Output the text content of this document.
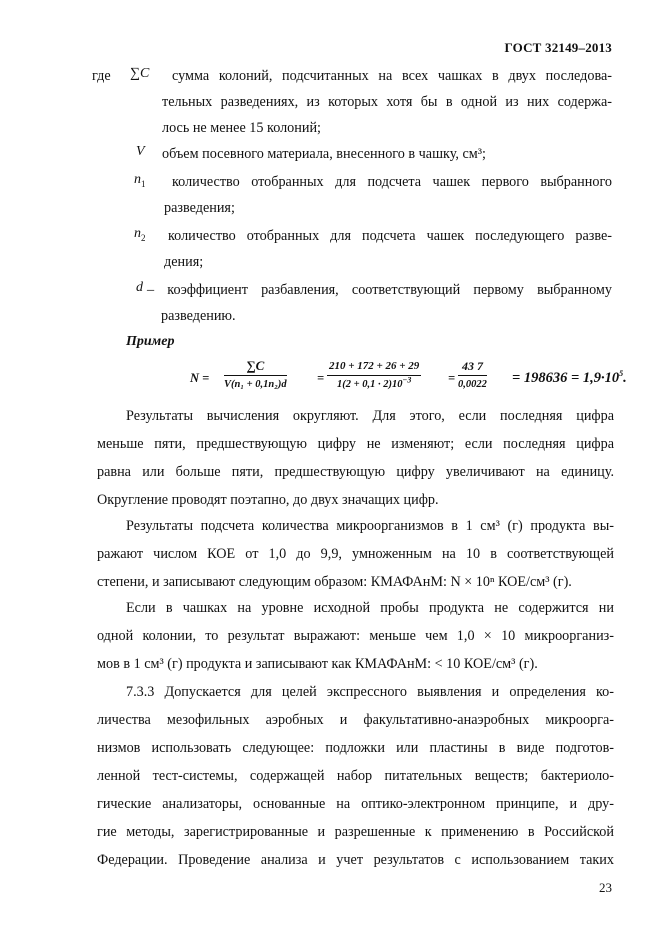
ГОСТ 32149–2013
где ∑C сумма колоний, подсчитанных на всех чашках в двух последова-
тельных разведениях, из которых хотя бы в одной из них содержа-
лось не менее 15 колоний;
V объем посевного материала, внесенного в чашку, см³;
$n_1$ количество отобранных для подсчета чашек первого выбранного
разведения;
$n_2$ количество отобранных для подсчета чашек последующего разве-
дения;
d – коэффициент разбавления, соответствующий первому выбранному
разведению.
Пример
N =
∑C
$V(n_1 + 0,1n_2)d = \frac{210 + 172 + 26 + 29}{1(2 + 0,1 \cdot 2)10^{-3}} = \frac{43 7}{0,0022} = 198636 = 1,9\cdot 10^5$.
Результаты вычисления округляют. Для этого, если последняя цифра
меньше пяти, предшествующую цифру не изменяют; если последняя цифра
равна или больше пяти, предшествующую цифру увеличивают на единицу.
Округление проводят поэтапно, до двух значащих цифр.
Результаты подсчета количества микроорганизмов в 1 см³ (г) продукта вы-
ражают числом КОЕ от 1,0 до 9,9, умноженным на 10 в соответствующей
степени, и записывают следующим образом: КМАФАнМ: N × 10ⁿ КОЕ/см³ (г).
Если в чашках на уровне исходной пробы продукта не содержится ни
одной колонии, то результат выражают: меньше чем 1,0 × 10 микроорганиз-
мов в 1 см³ (г) продукта и записывают как КМАФАнМ: < 10 КОЕ/см³ (г).
7.3.3 Допускается для целей экспрессного выявления и определения ко-
личества мезофильных аэробных и факультативно-анаэробных микроорга-
низмов использовать следующее: подложки или пластины в виде подготов-
ленной тест-системы, содержащей набор питательных веществ; бактериоло-
гические анализаторы, основанные на оптико-электронном принципе, и дру-
гие методы, зарегистрированные и разрешенные к применению в Российской
Федерации. Проведение анализа и учет результатов с использованием таких
23
